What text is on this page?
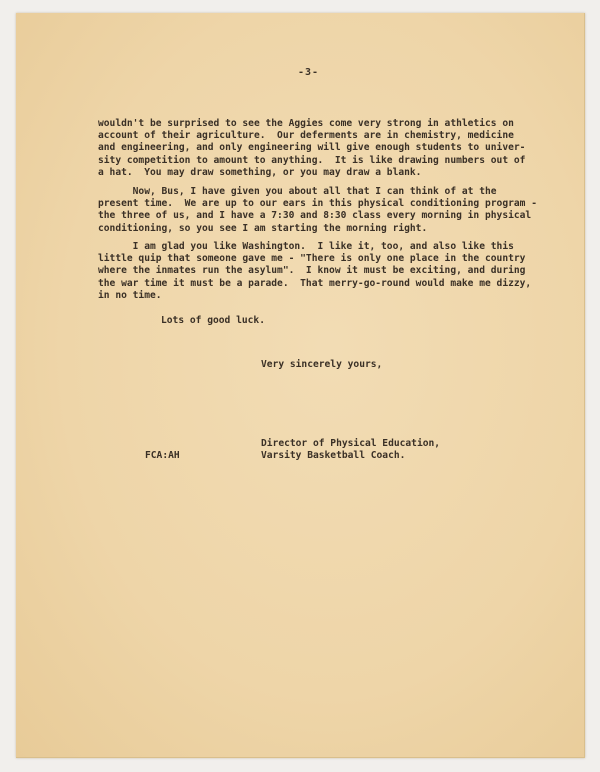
-3-
wouldn't be surprised to see the Aggies come very strong in athletics on
account of their agriculture.  Our deferments are in chemistry, medicine
and engineering, and only engineering will give enough students to univer-
sity competition to amount to anything.  It is like drawing numbers out of
a hat.  You may draw something, or you may draw a blank.
Now, Bus, I have given you about all that I can think of at the
present time.  We are up to our ears in this physical conditioning program -
the three of us, and I have a 7:30 and 8:30 class every morning in physical
conditioning, so you see I am starting the morning right.
I am glad you like Washington.  I like it, too, and also like this
little quip that someone gave me - "There is only one place in the country
where the inmates run the asylum".  I know it must be exciting, and during
the war time it must be a parade.  That merry-go-round would make me dizzy,
in no time.
Lots of good luck.
Very sincerely yours,
Director of Physical Education,
Varsity Basketball Coach.
FCA:AH
